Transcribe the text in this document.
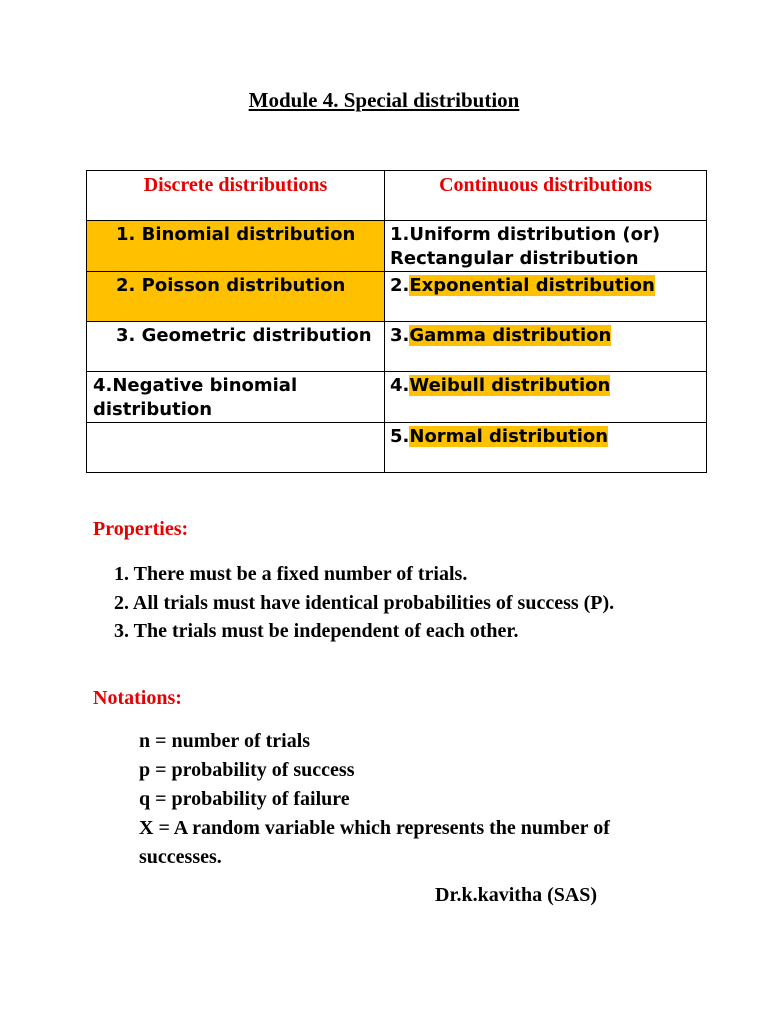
Module 4. Special distribution
Discrete distributions	Continuous distributions
1. Binomial distribution	1.Uniform distribution (or) Rectangular distribution
2. Poisson distribution	2.Exponential distribution
3. Geometric distribution	3.Gamma distribution
4.Negative binomial distribution	4.Weibull distribution
	5.Normal distribution
Properties:
1. There must be a fixed number of trials.
2. All trials must have identical probabilities of success (P).
3. The trials must be independent of each other.
Notations:
n = number of trials
p = probability of success
q = probability of failure
X = A random variable which represents the number of successes.
Dr.k.kavitha (SAS)
